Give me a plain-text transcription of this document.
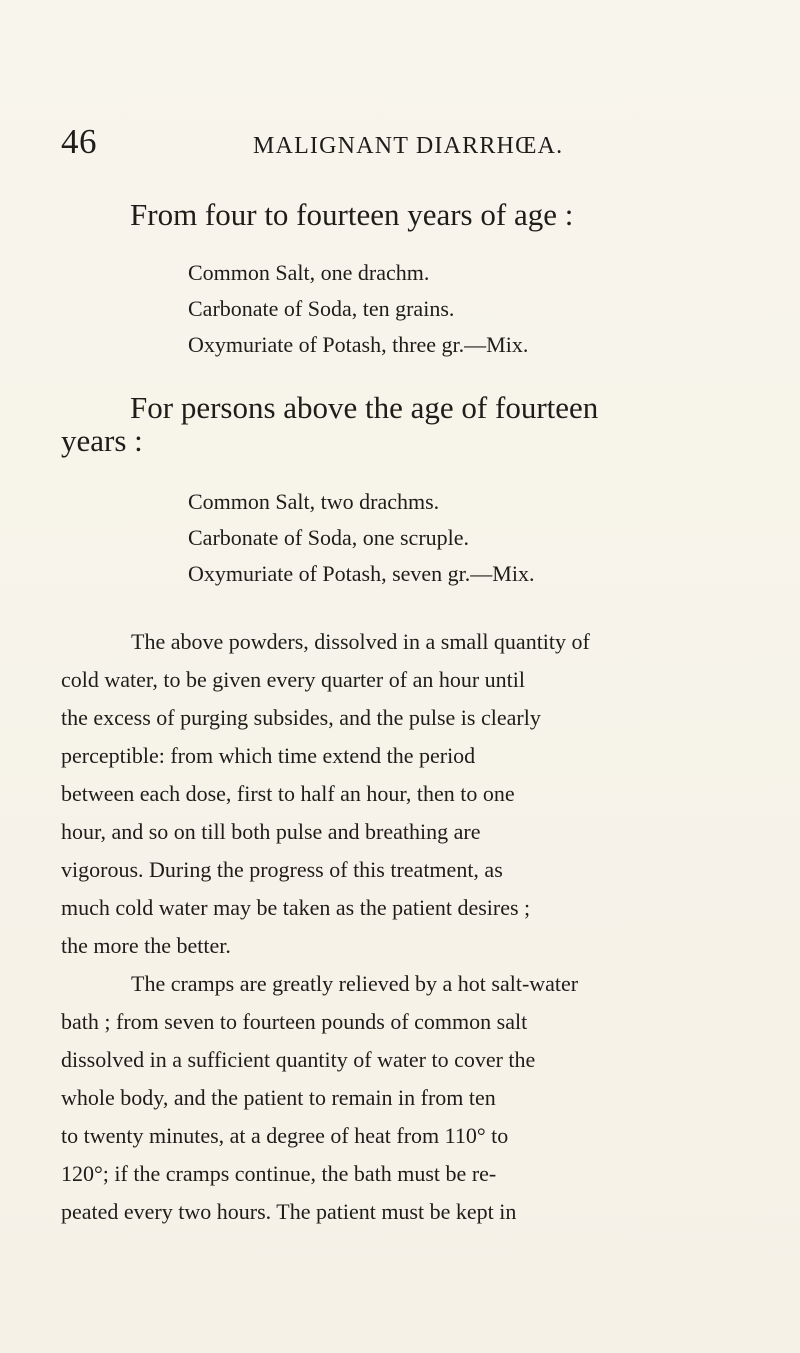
46	MALIGNANT DIARRHŒA.
From four to fourteen years of age :
Common Salt, one drachm.
Carbonate of Soda, ten grains.
Oxymuriate of Potash, three gr.—Mix.
For persons above the age of fourteen
years :
Common Salt, two drachms.
Carbonate of Soda, one scruple.
Oxymuriate of Potash, seven gr.—Mix.

The above powders, dissolved in a small quantity of
cold water, to be given every quarter of an hour until
the excess of purging subsides, and the pulse is clearly
perceptible: from which time extend the period
between each dose, first to half an hour, then to one
hour, and so on till both pulse and breathing are
vigorous. During the progress of this treatment, as
much cold water may be taken as the patient desires ;
the more the better.

The cramps are greatly relieved by a hot salt-water
bath ; from seven to fourteen pounds of common salt
dissolved in a sufficient quantity of water to cover the
whole body, and the patient to remain in from ten
to twenty minutes, at a degree of heat from 110° to
120°; if the cramps continue, the bath must be re-
peated every two hours. The patient must be kept in
